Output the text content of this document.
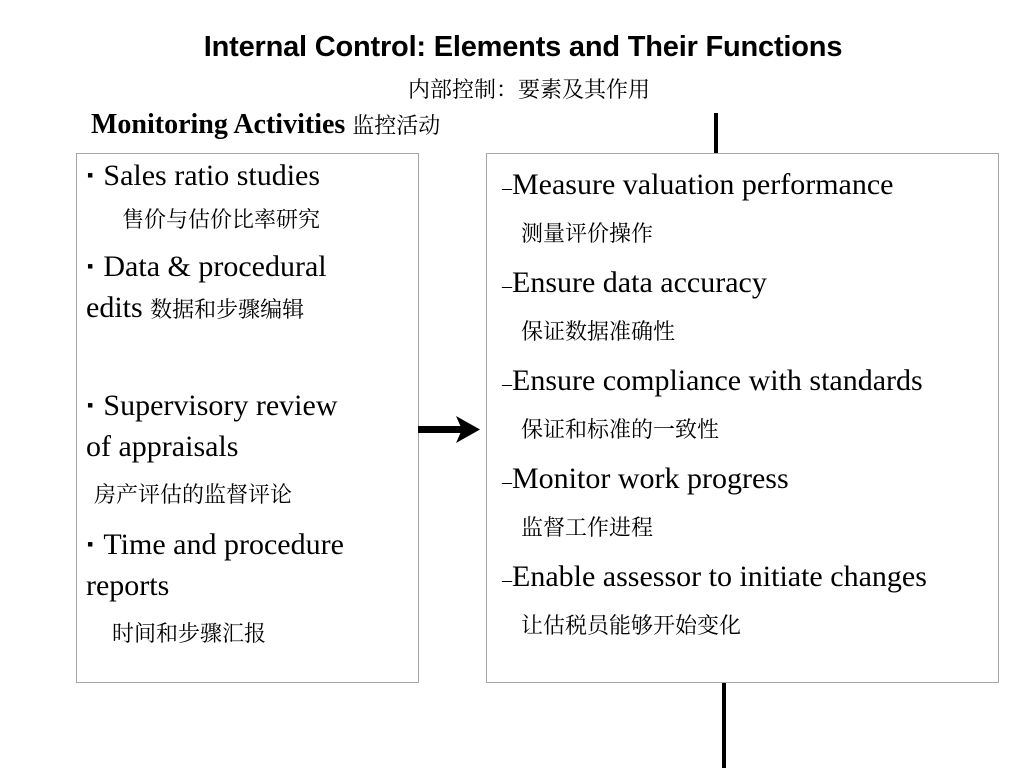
Internal Control: Elements and Their Functions
内部控制：要素及其作用
Monitoring Activities 监控活动
▪ Sales ratio studies
售价与估价比率研究
▪ Data & procedural
edits 数据和步骤编辑
▪ Supervisory review
of appraisals
房产评估的监督评论
▪ Time and procedure
reports
时间和步骤汇报
–Measure valuation performance
测量评价操作
–Ensure data accuracy
保证数据准确性
–Ensure compliance with standards
保证和标准的一致性
–Monitor work progress
监督工作进程
–Enable assessor to initiate changes
让估税员能够开始变化
